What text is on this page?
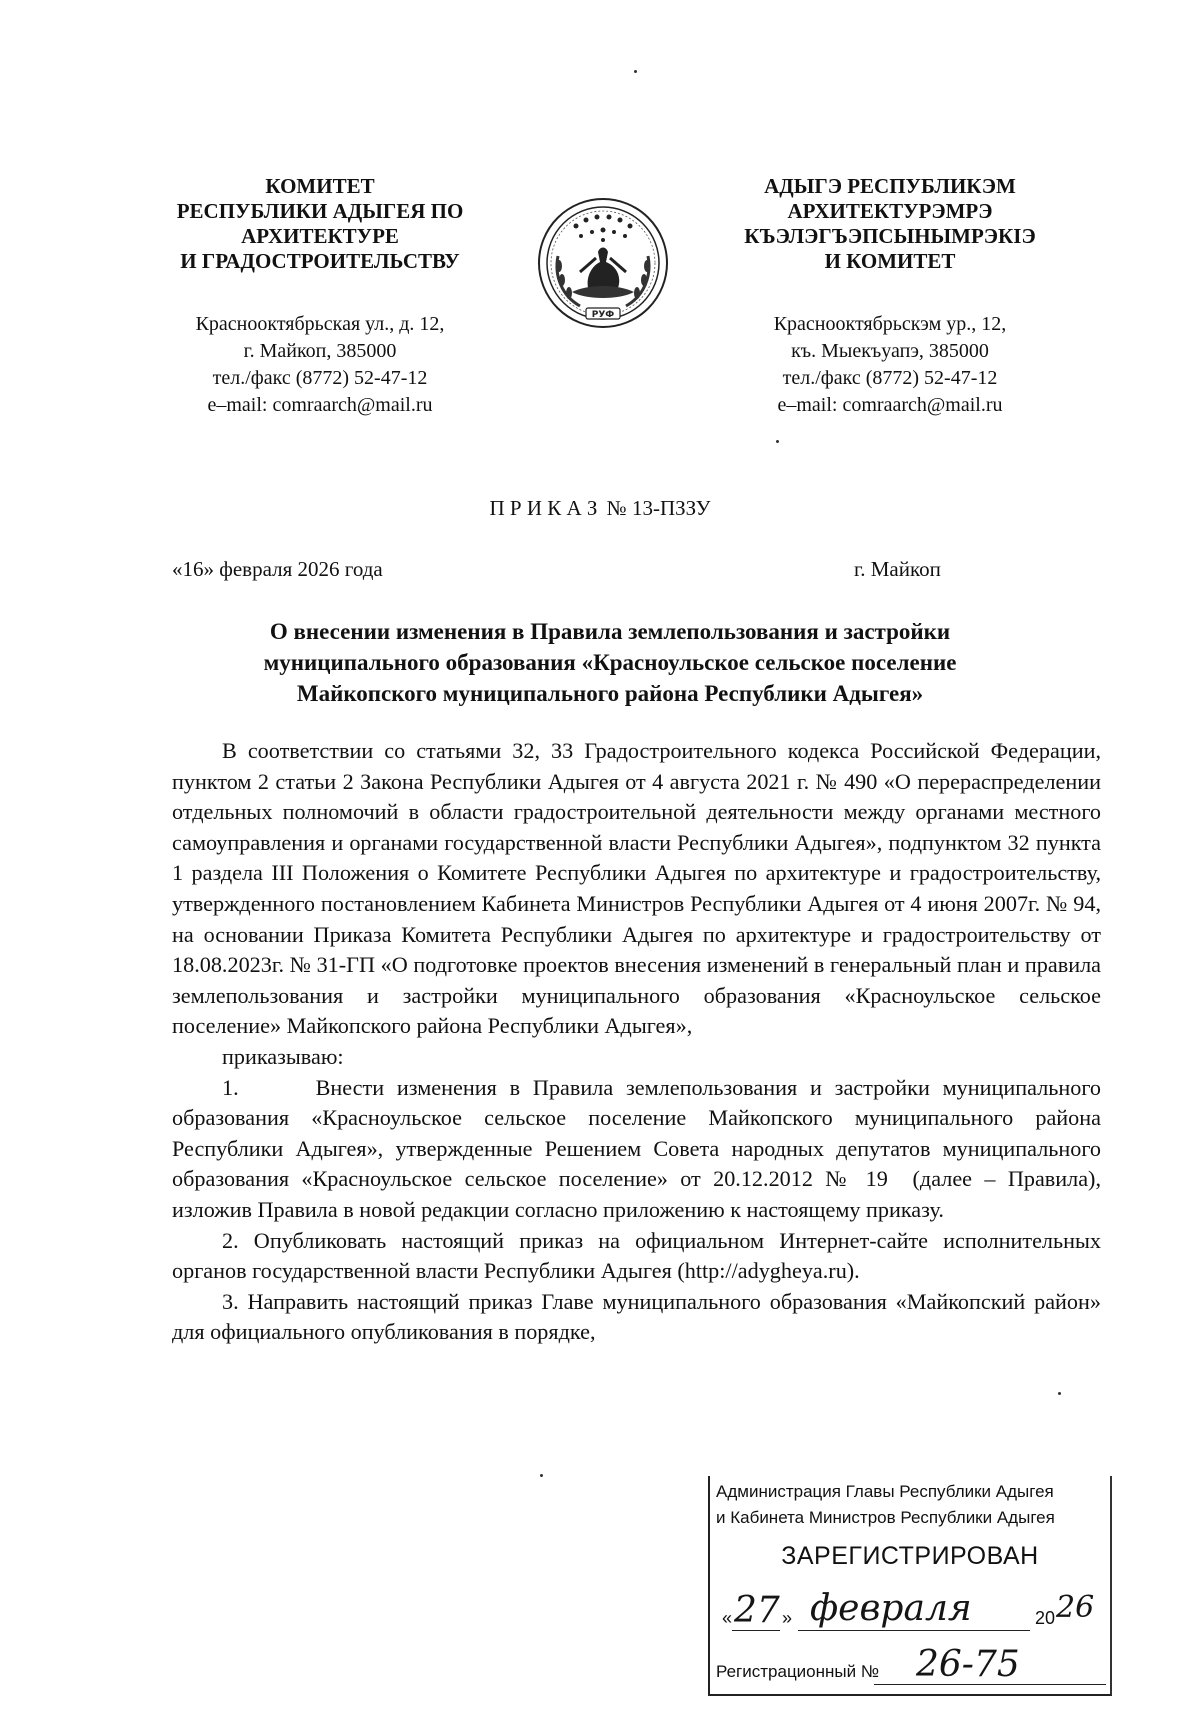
КОМИТЕТ
РЕСПУБЛИКИ АДЫГЕЯ ПО
АРХИТЕКТУРЕ
И ГРАДОСТРОИТЕЛЬСТВУ
РУФ
АДЫГЭ РЕСПУБЛИКЭМ
АРХИТЕКТУРЭМРЭ
КЪЭЛЭГЪЭПСЫНЫМРЭКIЭ
И КОМИТЕТ
Краснооктябрьская ул., д. 12,
г. Майкоп, 385000
тел./факс (8772) 52-47-12
e–mail: comraarch@mail.ru
Краснооктябрьскэм ур., 12,
къ. Мыекъуапэ, 385000
тел./факс (8772) 52-47-12
e–mail: comraarch@mail.ru
П Р И К А З № 13-ПЗЗУ
«16» февраля 2026 года	г. Майкоп
О внесении изменения в Правила землепользования и застройки
муниципального образования «Красноульское сельское поселение
Майкопского муниципального района Республики Адыгея»

В соответствии со статьями 32, 33 Градостроительного кодекса Российской Федерации, пунктом 2 статьи 2 Закона Республики Адыгея от 4 августа 2021 г. № 490 «О перераспределении отдельных полномочий в области градостроительной деятельности между органами местного самоуправления и органами государственной власти Республики Адыгея», подпунктом 32 пункта 1 раздела III Положения о Комитете Республики Адыгея по архитектуре и градостроительству, утвержденного постановлением Кабинета Министров Республики Адыгея от 4 июня 2007г. № 94, на основании Приказа Комитета Республики Адыгея по архитектуре и градостроительству от 18.08.2023г. № 31-ГП «О подготовке проектов внесения изменений в генеральный план и правила землепользования и застройки муниципального образования «Красноульское сельское поселение» Майкопского района Республики Адыгея»,

приказываю:

1.      Внести изменения в Правила землепользования и застройки муниципального образования «Красноульское сельское поселение Майкопского муниципального района Республики Адыгея», утвержденные Решением Совета народных депутатов муниципального образования «Красноульское сельское поселение» от 20.12.2012 № 19  (далее – Правила), изложив Правила в новой редакции согласно приложению к настоящему приказу.

2. Опубликовать настоящий приказ на официальном Интернет-сайте исполнительных органов государственной власти Республики Адыгея (http://adygheya.ru).

3. Направить настоящий приказ Главе муниципального образования «Майкопский район» для официального опубликования в порядке,

Администрация Главы Республики Адыгея
и Кабинета Министров Республики Адыгея
ЗАРЕГИСТРИРОВАН
« 27 » февраля	20 26
Регистрационный № 26-75
